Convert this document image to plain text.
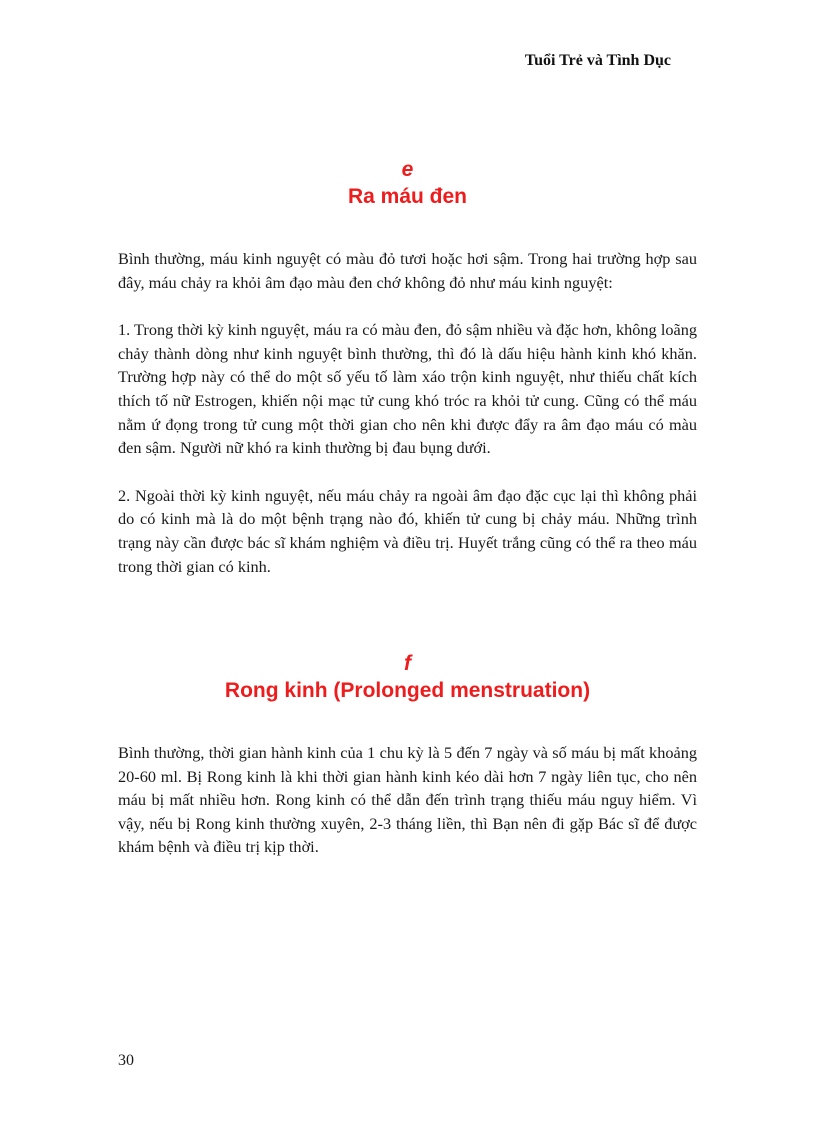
Tuổi Trẻ và Tình Dục
e
Ra máu đen

Bình thường, máu kinh nguyệt có màu đỏ tươi hoặc hơi sậm. Trong hai trường hợp sau đây, máu chảy ra khỏi âm đạo màu đen chớ không đỏ như máu kinh nguyệt:

1. Trong thời kỳ kinh nguyệt, máu ra có màu đen, đỏ sậm nhiều và đặc hơn, không loãng chảy thành dòng như kinh nguyệt bình thường, thì đó là dấu hiệu hành kinh khó khăn. Trường hợp này có thể do một số yếu tố làm xáo trộn kinh nguyệt, như thiếu chất kích thích tố nữ Estrogen, khiến nội mạc tử cung khó tróc ra khỏi tử cung. Cũng có thể máu nằm ứ đọng trong tử cung một thời gian cho nên khi được đẩy ra âm đạo máu có màu đen sậm. Người nữ khó ra kinh thường bị đau bụng dưới.

2. Ngoài thời kỳ kinh nguyệt, nếu máu chảy ra ngoài âm đạo đặc cục lại thì không phải do có kinh mà là do một bệnh trạng nào đó, khiến tử cung bị chảy máu. Những trình trạng này cần được bác sĩ khám nghiệm và điều trị. Huyết trắng cũng có thể ra theo máu trong thời gian có kinh.

f
Rong kinh (Prolonged menstruation)

Bình thường, thời gian hành kinh của 1 chu kỳ là 5 đến 7 ngày và số máu bị mất khoảng 20-60 ml. Bị Rong kinh là khi thời gian hành kinh kéo dài hơn 7 ngày liên tục, cho nên máu bị mất nhiều hơn. Rong kinh có thể dẫn đến trình trạng thiếu máu nguy hiểm. Vì vậy, nếu bị Rong kinh thường xuyên, 2-3 tháng liền, thì Bạn nên đi gặp Bác sĩ để được khám bệnh và điều trị kịp thời.

30
